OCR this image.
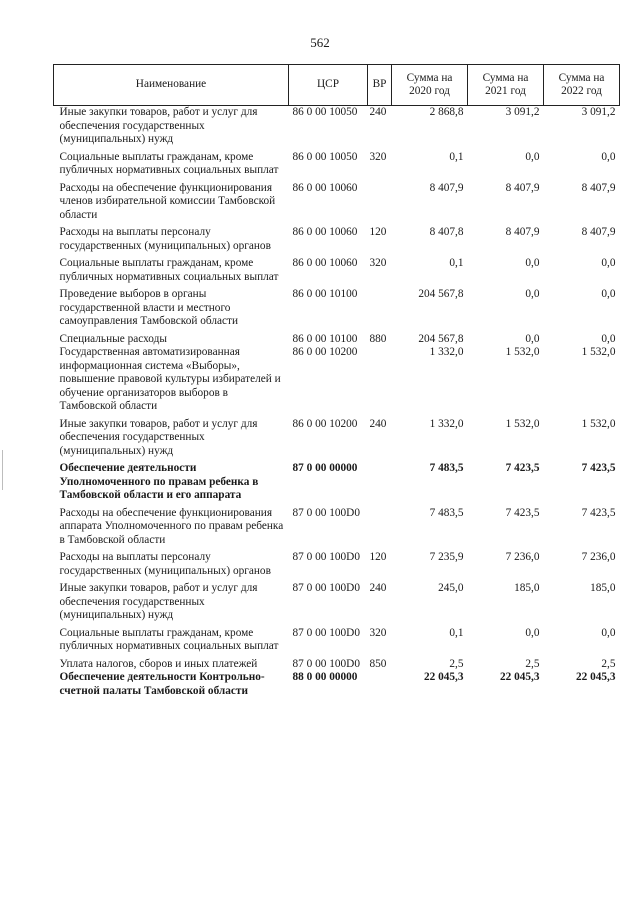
562
Наименование	ЦСР	ВР	Сумма на 2020 год	Сумма на 2021 год	Сумма на 2022 год
Иные закупки товаров, работ и услуг для обеспечения государственных (муниципальных) нужд	86 0 00 10050	240	2 868,8	3 091,2	3 091,2
Социальные выплаты гражданам, кроме публичных нормативных социальных выплат	86 0 00 10050	320	0,1	0,0	0,0
Расходы на обеспечение функционирования членов избирательной комиссии Тамбовской области	86 0 00 10060		8 407,9	8 407,9	8 407,9
Расходы на выплаты персоналу государственных (муниципальных) органов	86 0 00 10060	120	8 407,8	8 407,9	8 407,9
Социальные выплаты гражданам, кроме публичных нормативных социальных выплат	86 0 00 10060	320	0,1	0,0	0,0
Проведение выборов в органы государственной власти и местного самоуправления Тамбовской области	86 0 00 10100		204 567,8	0,0	0,0
Специальные расходы	86 0 00 10100	880	204 567,8	0,0	0,0
Государственная автоматизированная информационная система «Выборы», повышение правовой культуры избирателей и обучение организаторов выборов в Тамбовской области	86 0 00 10200		1 332,0	1 532,0	1 532,0
Иные закупки товаров, работ и услуг для обеспечения государственных (муниципальных) нужд	86 0 00 10200	240	1 332,0	1 532,0	1 532,0
Обеспечение деятельности Уполномоченного по правам ребенка в Тамбовской области и его аппарата	87 0 00 00000		7 483,5	7 423,5	7 423,5
Расходы на обеспечение функционирования аппарата Уполномоченного по правам ребенка в Тамбовской области	87 0 00 100D0		7 483,5	7 423,5	7 423,5
Расходы на выплаты персоналу государственных (муниципальных) органов	87 0 00 100D0	120	7 235,9	7 236,0	7 236,0
Иные закупки товаров, работ и услуг для обеспечения государственных (муниципальных) нужд	87 0 00 100D0	240	245,0	185,0	185,0
Социальные выплаты гражданам, кроме публичных нормативных социальных выплат	87 0 00 100D0	320	0,1	0,0	0,0
Уплата налогов, сборов и иных платежей	87 0 00 100D0	850	2,5	2,5	2,5
Обеспечение деятельности Контрольно-счетной палаты Тамбовской области	88 0 00 00000		22 045,3	22 045,3	22 045,3
